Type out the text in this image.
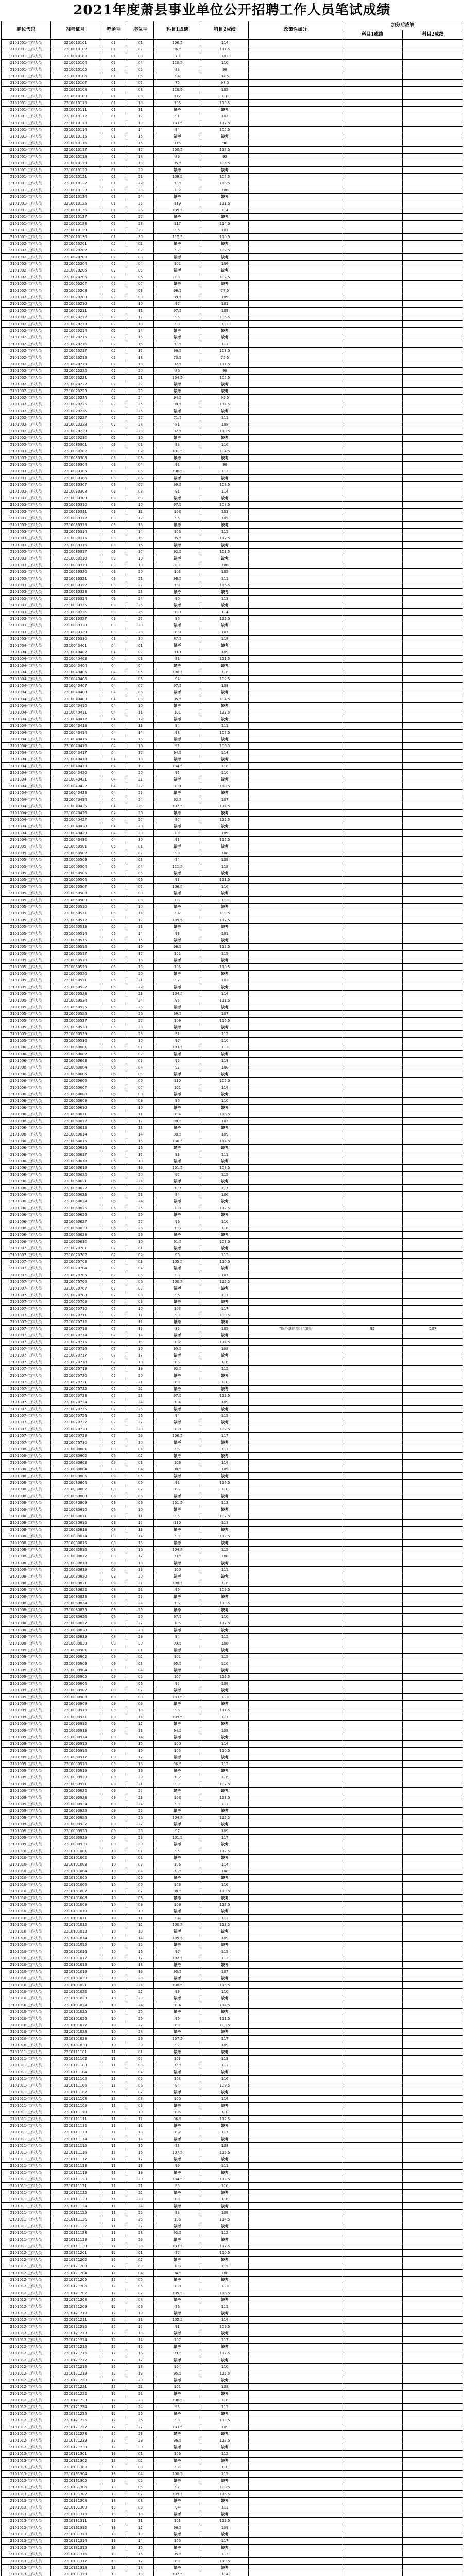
2021年度萧县事业单位公开招聘工作人员笔试成绩
职位代码	准考证号	考场号	座位号	科目1成绩	科目2成绩	政策性加分	加分后成绩	
							科目1成绩	科目2成绩
2101001-工作人员	2210010101	01	01	106.5	114			
2101001-工作人员	2210010102	01	02	96.5	111.5			
2101001-工作人员	2210010103	01	03	78	103			
2101001-工作人员	2210010104	01	04	110.5	110			
2101001-工作人员	2210010105	01	05	88	98			
2101001-工作人员	2210010106	01	06	94	94.5			
2101001-工作人员	2210010107	01	07	75	97.5			
2101001-工作人员	2210010108	01	08	110.5	105			
2101001-工作人员	2210010109	01	09	112	118			
2101001-工作人员	2210010110	01	10	105	113.5			
2101001-工作人员	2210010111	01	11	缺考	缺考			
2101001-工作人员	2210010112	01	12	91	102			
2101001-工作人员	2210010113	01	13	103.5	117.5			
2101001-工作人员	2210010114	01	14	84	105.5			
2101001-工作人员	2210010115	01	15	缺考	缺考			
2101001-工作人员	2210010116	01	16	115	98			
2101001-工作人员	2210010117	01	17	100.5	117.5			
2101001-工作人员	2210010118	01	18	89	95			
2101001-工作人员	2210010119	01	19	95.5	105.5			
2101001-工作人员	2210010120	01	20	缺考	缺考			
2101001-工作人员	2210010121	01	21	108.5	107.5			
2101001-工作人员	2210010122	01	22	91.5	116.5			
2101001-工作人员	2210010123	01	23	102	108			
2101001-工作人员	2210010124	01	24	缺考	缺考			
2101001-工作人员	2210010125	01	25	119	111.5			
2101001-工作人员	2210010126	01	26	105.5	114			
2101001-工作人员	2210010127	01	27	缺考	缺考			
2101001-工作人员	2210010128	01	28	117	114.5			
2101001-工作人员	2210010129	01	29	96	101			
2101001-工作人员	2210010130	01	30	112.5	110.5			
2101002-工作人员	2210020201	02	01	缺考	缺考			
2101002-工作人员	2210020202	02	02	92	107.5			
2101002-工作人员	2210020203	02	03	缺考	缺考			
2101002-工作人员	2210020204	02	04	101	106			
2101002-工作人员	2210020205	02	05	缺考	缺考			
2101002-工作人员	2210020206	02	06	88	102.5			
2101002-工作人员	2210020207	02	07	缺考	缺考			
2101002-工作人员	2210020208	02	08	96.5	77.5			
2101002-工作人员	2210020209	02	09	89.5	109			
2101002-工作人员	2210020210	02	10	97	101			
2101002-工作人员	2210020211	02	11	97.5	109			
2101002-工作人员	2210020212	02	12	95	106.5			
2101002-工作人员	2210020213	02	13	93	113			
2101002-工作人员	2210020214	02	14	缺考	缺考			
2101002-工作人员	2210020215	02	15	缺考	缺考			
2101002-工作人员	2210020216	02	16	91.5	111			
2101002-工作人员	2210020217	02	17	96.5	103.5			
2101002-工作人员	2210020218	02	18	73.5	75.5			
2101002-工作人员	2210020219	02	19	92.5	111.5			
2101002-工作人员	2210020220	02	20	86	98			
2101002-工作人员	2210020221	02	21	104.5	105.5			
2101002-工作人员	2210020222	02	22	缺考	缺考			
2101002-工作人员	2210020223	02	23	缺考	缺考			
2101002-工作人员	2210020224	02	24	94.5	95.5			
2101002-工作人员	2210020225	02	25	99.5	114.5			
2101002-工作人员	2210020226	02	26	缺考	缺考			
2101002-工作人员	2210020227	02	27	71.5	111			
2101002-工作人员	2210020228	02	28	81	108			
2101002-工作人员	2210020229	02	29	92.5	110.5			
2101002-工作人员	2210020230	02	30	缺考	缺考			
2101003-工作人员	2210030301	03	01	98	116			
2101003-工作人员	2210030302	03	02	101.5	104.5			
2101003-工作人员	2210030303	03	03	缺考	缺考			
2101003-工作人员	2210030304	03	04	92	99			
2101003-工作人员	2210030305	03	05	108.5	112			
2101003-工作人员	2210030306	03	06	缺考	缺考			
2101003-工作人员	2210030307	03	07	99.5	103.5			
2101003-工作人员	2210030308	03	08	91	114			
2101003-工作人员	2210030309	03	09	缺考	缺考			
2101003-工作人员	2210030310	03	10	97.5	108.5			
2101003-工作人员	2210030311	03	11	108	103			
2101003-工作人员	2210030312	03	12	96	105			
2101003-工作人员	2210030313	03	13	缺考	缺考			
2101003-工作人员	2210030314	03	14	106	111			
2101003-工作人员	2210030315	03	15	95.5	117.5			
2101003-工作人员	2210030316	03	16	缺考	缺考			
2101003-工作人员	2210030317	03	17	92.5	103.5			
2101003-工作人员	2210030318	03	18	缺考	缺考			
2101003-工作人员	2210030319	03	19	89	108			
2101003-工作人员	2210030320	03	20	103	105			
2101003-工作人员	2210030321	03	21	98.5	111			
2101003-工作人员	2210030322	03	22	101	116.5			
2101003-工作人员	2210030323	03	23	缺考	缺考			
2101003-工作人员	2210030324	03	24	90	113			
2101003-工作人员	2210030325	03	25	缺考	缺考			
2101003-工作人员	2210030326	03	26	109	114			
2101003-工作人员	2210030327	03	27	96	115.5			
2101003-工作人员	2210030328	03	28	缺考	缺考			
2101003-工作人员	2210030329	03	29	100	107			
2101003-工作人员	2210030330	03	30	87.5	118			
2101004-工作人员	2210040401	04	01	缺考	缺考			
2101004-工作人员	2210040402	04	02	110	109			
2101004-工作人员	2210040403	04	03	91	111.5			
2101004-工作人员	2210040404	04	04	缺考	缺考			
2101004-工作人员	2210040405	04	05	100.5	116			
2101004-工作人员	2210040406	04	06	94	102.5			
2101004-工作人员	2210040407	04	07	97.5	108			
2101004-工作人员	2210040408	04	08	缺考	缺考			
2101004-工作人员	2210040409	04	09	85.5	104.5			
2101004-工作人员	2210040410	04	10	缺考	缺考			
2101004-工作人员	2210040411	04	11	101	113.5			
2101004-工作人员	2210040412	04	12	缺考	缺考			
2101004-工作人员	2210040413	04	13	94	111			
2101004-工作人员	2210040414	04	14	98	107.5			
2101004-工作人员	2210040415	04	15	缺考	缺考			
2101004-工作人员	2210040416	04	16	91	106.5			
2101004-工作人员	2210040417	04	17	94.5	114			
2101004-工作人员	2210040418	04	18	缺考	缺考			
2101004-工作人员	2210040419	04	19	104.5	116			
2101004-工作人员	2210040420	04	20	95	110			
2101004-工作人员	2210040421	04	21	缺考	缺考			
2101004-工作人员	2210040422	04	22	108	118.5			
2101004-工作人员	2210040423	04	23	缺考	缺考			
2101004-工作人员	2210040424	04	24	92.5	107			
2101004-工作人员	2210040425	04	25	107.5	114.5			
2101004-工作人员	2210040426	04	26	缺考	缺考			
2101004-工作人员	2210040427	04	27	97	112.5			
2101004-工作人员	2210040428	04	28	缺考	缺考			
2101004-工作人员	2210040429	04	29	101	109			
2101004-工作人员	2210040430	04	30	93	115.5			
2101005-工作人员	2210050501	05	01	缺考	缺考			
2101005-工作人员	2210050502	05	02	99	106			
2101005-工作人员	2210050503	05	03	94	109			
2101005-工作人员	2210050504	05	04	111.5	118			
2101005-工作人员	2210050505	05	05	缺考	缺考			
2101005-工作人员	2210050506	05	06	93	111.5			
2101005-工作人员	2210050507	05	07	106.5	116			
2101005-工作人员	2210050508	05	08	缺考	缺考			
2101005-工作人员	2210050509	05	09	88	113			
2101005-工作人员	2210050510	05	10	缺考	缺考			
2101005-工作人员	2210050511	05	11	94	109.5			
2101005-工作人员	2210050512	05	12	109.5	117.5			
2101005-工作人员	2210050513	05	13	缺考	缺考			
2101005-工作人员	2210050514	05	14	98	101			
2101005-工作人员	2210050515	05	15	缺考	缺考			
2101005-工作人员	2210050516	05	16	96.5	112.5			
2101005-工作人员	2210050517	05	17	101	115			
2101005-工作人员	2210050518	05	18	缺考	缺考			
2101005-工作人员	2210050519	05	19	106	110.5			
2101005-工作人员	2210050520	05	20	缺考	缺考			
2101005-工作人员	2210050521	05	21	92	103			
2101005-工作人员	2210050522	05	22	缺考	缺考			
2101005-工作人员	2210050523	05	23	104.5	114			
2101005-工作人员	2210050524	05	24	95	111.5			
2101005-工作人员	2210050525	05	25	缺考	缺考			
2101005-工作人员	2210050526	05	26	99.5	107			
2101005-工作人员	2210050527	05	27	109	116.5			
2101005-工作人员	2210050528	05	28	缺考	缺考			
2101005-工作人员	2210050529	05	29	91	112			
2101005-工作人员	2210050530	05	30	97	110			
2101006-工作人员	2210060601	06	01	103.5	113			
2101006-工作人员	2210060602	06	02	缺考	缺考			
2101006-工作人员	2210060603	06	03	95	118			
2101006-工作人员	2210060604	06	04	92	100			
2101006-工作人员	2210060605	06	05	缺考	缺考			
2101006-工作人员	2210060606	06	06	110	105.5			
2101006-工作人员	2210060607	06	07	101	114			
2101006-工作人员	2210060608	06	08	缺考	缺考			
2101006-工作人员	2210060609	06	09	96	110			
2101006-工作人员	2210060610	06	10	缺考	缺考			
2101006-工作人员	2210060611	06	11	104	116.5			
2101006-工作人员	2210060612	06	12	98.5	107			
2101006-工作人员	2210060613	06	13	缺考	缺考			
2101006-工作人员	2210060614	06	14	88.5	109			
2101006-工作人员	2210060615	06	15	106.5	114.5			
2101006-工作人员	2210060616	06	16	缺考	缺考			
2101006-工作人员	2210060617	06	17	93	111			
2101006-工作人员	2210060618	06	18	缺考	缺考			
2101006-工作人员	2210060619	06	19	101.5	108.5			
2101006-工作人员	2210060620	06	20	97	115			
2101006-工作人员	2210060621	06	21	缺考	缺考			
2101006-工作人员	2210060622	06	22	109	117			
2101006-工作人员	2210060623	06	23	94	106			
2101006-工作人员	2210060624	06	24	缺考	缺考			
2101006-工作人员	2210060625	06	25	100	112.5			
2101006-工作人员	2210060626	06	26	缺考	缺考			
2101006-工作人员	2210060627	06	27	96	110			
2101006-工作人员	2210060628	06	28	103	116			
2101006-工作人员	2210060629	06	29	缺考	缺考			
2101006-工作人员	2210060630	06	30	91.5	108.5			
2101007-工作人员	2210070701	07	01	缺考	缺考			
2101007-工作人员	2210070702	07	02	98	113			
2101007-工作人员	2210070703	07	03	105.5	110.5			
2101007-工作人员	2210070704	07	04	缺考	缺考			
2101007-工作人员	2210070705	07	05	93	107			
2101007-工作人员	2210070706	07	06	100.5	115.5			
2101007-工作人员	2210070707	07	07	缺考	缺考			
2101007-工作人员	2210070708	07	08	96	111			
2101007-工作人员	2210070709	07	09	缺考	缺考			
2101007-工作人员	2210070710	07	10	108	117			
2101007-工作人员	2210070711	07	11	99	109.5			
2101007-工作人员	2210070712	07	12	缺考	缺考			
2101007-工作人员	2210070713	07	13	85	105	“服务基层项目”加分	95	107
2101007-工作人员	2210070714	07	14	缺考	缺考			
2101007-工作人员	2210070715	07	15	102	114.5			
2101007-工作人员	2210070716	07	16	95.5	108			
2101007-工作人员	2210070717	07	17	缺考	缺考			
2101007-工作人员	2210070718	07	18	107	116			
2101007-工作人员	2210070719	07	19	92.5	112			
2101007-工作人员	2210070720	07	20	缺考	缺考			
2101007-工作人员	2210070721	07	21	101	110			
2101007-工作人员	2210070722	07	22	缺考	缺考			
2101007-工作人员	2210070723	07	23	97.5	113.5			
2101007-工作人员	2210070724	07	24	104	109			
2101007-工作人员	2210070725	07	25	缺考	缺考			
2101007-工作人员	2210070726	07	26	94	115			
2101007-工作人员	2210070727	07	27	缺考	缺考			
2101007-工作人员	2210070728	07	28	100	107.5			
2101007-工作人员	2210070729	07	29	106.5	117			
2101007-工作人员	2210070730	07	30	缺考	缺考			
2101008-工作人员	2210080801	08	01	96	111			
2101008-工作人员	2210080802	08	02	缺考	缺考			
2101008-工作人员	2210080803	08	03	103	114			
2101008-工作人员	2210080804	08	04	98.5	109			
2101008-工作人员	2210080805	08	05	缺考	缺考			
2101008-工作人员	2210080806	08	06	92	116.5			
2101008-工作人员	2210080807	08	07	107	110			
2101008-工作人员	2210080808	08	08	缺考	缺考			
2101008-工作人员	2210080809	08	09	101.5	113			
2101008-工作人员	2210080810	08	10	缺考	缺考			
2101008-工作人员	2210080811	08	11	95	107.5			
2101008-工作人员	2210080812	08	12	110	118			
2101008-工作人员	2210080813	08	13	缺考	缺考			
2101008-工作人员	2210080814	08	14	99	112.5			
2101008-工作人员	2210080815	08	15	缺考	缺考			
2101008-工作人员	2210080816	08	16	104.5	115			
2101008-工作人员	2210080817	08	17	93.5	108			
2101008-工作人员	2210080818	08	18	缺考	缺考			
2101008-工作人员	2210080819	08	19	100	111			
2101008-工作人员	2210080820	08	20	缺考	缺考			
2101008-工作人员	2210080821	08	21	108.5	116			
2101008-工作人员	2210080822	08	22	96	109.5			
2101008-工作人员	2210080823	08	23	缺考	缺考			
2101008-工作人员	2210080824	08	24	102	113.5			
2101008-工作人员	2210080825	08	25	缺考	缺考			
2101008-工作人员	2210080826	08	26	97.5	110			
2101008-工作人员	2210080827	08	27	105	117.5			
2101008-工作人员	2210080828	08	28	缺考	缺考			
2101008-工作人员	2210080829	08	29	94	112			
2101008-工作人员	2210080830	08	30	99.5	108			
2101009-工作人员	2210090901	09	01	缺考	缺考			
2101009-工作人员	2210090902	09	02	101	115			
2101009-工作人员	2210090903	09	03	95.5	110			
2101009-工作人员	2210090904	09	04	缺考	缺考			
2101009-工作人员	2210090905	09	05	107	116.5			
2101009-工作人员	2210090906	09	06	92	109			
2101009-工作人员	2210090907	09	07	缺考	缺考			
2101009-工作人员	2210090908	09	08	103.5	113			
2101009-工作人员	2210090909	09	09	缺考	缺考			
2101009-工作人员	2210090910	09	10	98	111.5			
2101009-工作人员	2210090911	09	11	109.5	117			
2101009-工作人员	2210090912	09	12	缺考	缺考			
2101009-工作人员	2210090913	09	13	94.5	108			
2101009-工作人员	2210090914	09	14	缺考	缺考			
2101009-工作人员	2210090915	09	15	100	114			
2101009-工作人员	2210090916	09	16	105	110.5			
2101009-工作人员	2210090917	09	17	缺考	缺考			
2101009-工作人员	2210090918	09	18	96.5	112			
2101009-工作人员	2210090919	09	19	缺考	缺考			
2101009-工作人员	2210090920	09	20	102	116			
2101009-工作人员	2210090921	09	21	93	107.5			
2101009-工作人员	2210090922	09	22	缺考	缺考			
2101009-工作人员	2210090923	09	23	108	113.5			
2101009-工作人员	2210090924	09	24	99	111			
2101009-工作人员	2210090925	09	25	缺考	缺考			
2101009-工作人员	2210090926	09	26	104.5	115.5			
2101009-工作人员	2210090927	09	27	缺考	缺考			
2101009-工作人员	2210090928	09	28	97	109			
2101009-工作人员	2210090929	09	29	101.5	117			
2101009-工作人员	2210090930	09	30	缺考	缺考			
2101010-工作人员	2210101001	10	01	95	112.5			
2101010-工作人员	2210101002	10	02	缺考	缺考			
2101010-工作人员	2210101003	10	03	106	114			
2101010-工作人员	2210101004	10	04	91.5	108			
2101010-工作人员	2210101005	10	05	缺考	缺考			
2101010-工作人员	2210101006	10	06	103	116			
2101010-工作人员	2210101007	10	07	98.5	110.5			
2101010-工作人员	2210101008	10	08	缺考	缺考			
2101010-工作人员	2210101009	10	09	109	117.5			
2101010-工作人员	2210101010	10	10	缺考	缺考			
2101010-工作人员	2210101011	10	11	94	111			
2101010-工作人员	2210101012	10	12	100.5	113.5			
2101010-工作人员	2210101013	10	13	缺考	缺考			
2101010-工作人员	2210101014	10	14	105.5	109			
2101010-工作人员	2210101015	10	15	缺考	缺考			
2101010-工作人员	2210101016	10	16	97	115			
2101010-工作人员	2210101017	10	17	102.5	112			
2101010-工作人员	2210101018	10	18	缺考	缺考			
2101010-工作人员	2210101019	10	19	93.5	107			
2101010-工作人员	2210101020	10	20	缺考	缺考			
2101010-工作人员	2210101021	10	21	108.5	116.5			
2101010-工作人员	2210101022	10	22	99	110			
2101010-工作人员	2210101023	10	23	缺考	缺考			
2101010-工作人员	2210101024	10	24	104	114.5			
2101010-工作人员	2210101025	10	25	缺考	缺考			
2101010-工作人员	2210101026	10	26	96	111.5			
2101010-工作人员	2210101027	10	27	101	108.5			
2101010-工作人员	2210101028	10	28	缺考	缺考			
2101010-工作人员	2210101029	10	29	107.5	117			
2101010-工作人员	2210101030	10	30	92	109			
2101011-工作人员	2210111101	11	01	缺考	缺考			
2101011-工作人员	2210111102	11	02	103	113			
2101011-工作人员	2210111103	11	03	97.5	111			
2101011-工作人员	2210111104	11	04	缺考	缺考			
2101011-工作人员	2210111105	11	05	108	116			
2101011-工作人员	2210111106	11	06	94	109.5			
2101011-工作人员	2210111107	11	07	缺考	缺考			
2101011-工作人员	2210111108	11	08	100	114			
2101011-工作人员	2210111109	11	09	缺考	缺考			
2101011-工作人员	2210111110	11	10	105	110			
2101011-工作人员	2210111111	11	11	96.5	112.5			
2101011-工作人员	2210111112	11	12	缺考	缺考			
2101011-工作人员	2210111113	11	13	102	117			
2101011-工作人员	2210111114	11	14	缺考	缺考			
2101011-工作人员	2210111115	11	15	93	108			
2101011-工作人员	2210111116	11	16	107.5	115.5			
2101011-工作人员	2210111117	11	17	缺考	缺考			
2101011-工作人员	2210111118	11	18	99	111			
2101011-工作人员	2210111119	11	19	缺考	缺考			
2101011-工作人员	2210111120	11	20	104.5	113.5			
2101011-工作人员	2210111121	11	21	95	110			
2101011-工作人员	2210111122	11	22	缺考	缺考			
2101011-工作人员	2210111123	11	23	101	116			
2101011-工作人员	2210111124	11	24	缺考	缺考			
2101011-工作人员	2210111125	11	25	98	109			
2101011-工作人员	2210111126	11	26	106	114.5			
2101011-工作人员	2210111127	11	27	缺考	缺考			
2101011-工作人员	2210111128	11	28	92.5	112			
2101011-工作人员	2210111129	11	29	缺考	缺考			
2101011-工作人员	2210111130	11	30	103.5	117.5			
2101012-工作人员	2210121201	12	01	97	110.5			
2101012-工作人员	2210121202	12	02	缺考	缺考			
2101012-工作人员	2210121203	12	03	109	115			
2101012-工作人员	2210121204	12	04	94.5	108			
2101012-工作人员	2210121205	12	05	缺考	缺考			
2101012-工作人员	2210121206	12	06	100	113			
2101012-工作人员	2210121207	12	07	105.5	116.5			
2101012-工作人员	2210121208	12	08	缺考	缺考			
2101012-工作人员	2210121209	12	09	96	111			
2101012-工作人员	2210121210	12	10	缺考	缺考			
2101012-工作人员	2210121211	12	11	102.5	114			
2101012-工作人员	2210121212	12	12	91	109.5			
2101012-工作人员	2210121213	12	13	缺考	缺考			
2101012-工作人员	2210121214	12	14	107	117			
2101012-工作人员	2210121215	12	15	缺考	缺考			
2101012-工作人员	2210121216	12	16	99.5	112.5			
2101012-工作人员	2210121217	12	17	缺考	缺考			
2101012-工作人员	2210121218	12	18	104	110			
2101012-工作人员	2210121219	12	19	95.5	115.5			
2101012-工作人员	2210121220	12	20	缺考	缺考			
2101012-工作人员	2210121221	12	21	101	108			
2101012-工作人员	2210121222	12	22	缺考	缺考			
2101012-工作人员	2210121223	12	23	108.5	116			
2101012-工作人员	2210121224	12	24	93	111			
2101012-工作人员	2210121225	12	25	缺考	缺考			
2101012-工作人员	2210121226	12	26	98	113.5			
2101012-工作人员	2210121227	12	27	103.5	109			
2101012-工作人员	2210121228	12	28	缺考	缺考			
2101012-工作人员	2210121229	12	29	96.5	117.5			
2101012-工作人员	2210121230	12	30	缺考	缺考			
2101013-工作人员	2210131301	13	01	106	112			
2101013-工作人员	2210131302	13	02	缺考	缺考			
2101013-工作人员	2210131303	13	03	92	110			
2101013-工作人员	2210131304	13	04	100.5	115			
2101013-工作人员	2210131305	13	05	缺考	缺考			
2101013-工作人员	2210131306	13	06	97	108.5			
2101013-工作人员	2210131307	13	07	109.5	116.5			
2101013-工作人员	2210131308	13	08	缺考	缺考			
2101013-工作人员	2210131309	13	09	94	111			
2101013-工作人员	2210131310	13	10	缺考	缺考			
2101013-工作人员	2210131311	13	11	103	113.5			
2101013-工作人员	2210131312	13	12	98.5	109			
2101013-工作人员	2210131313	13	13	缺考	缺考			
2101013-工作人员	2210131314	13	14	105	117			
2101013-工作人员	2210131315	13	15	缺考	缺考			
2101013-工作人员	2210131316	13	16	95.5	112			
2101013-工作人员	2210131317	13	17	101	110.5			
2101013-工作人员	2210131318	13	18	缺考	缺考			
2101013-工作人员	2210131319	13	19	107.5	114			
